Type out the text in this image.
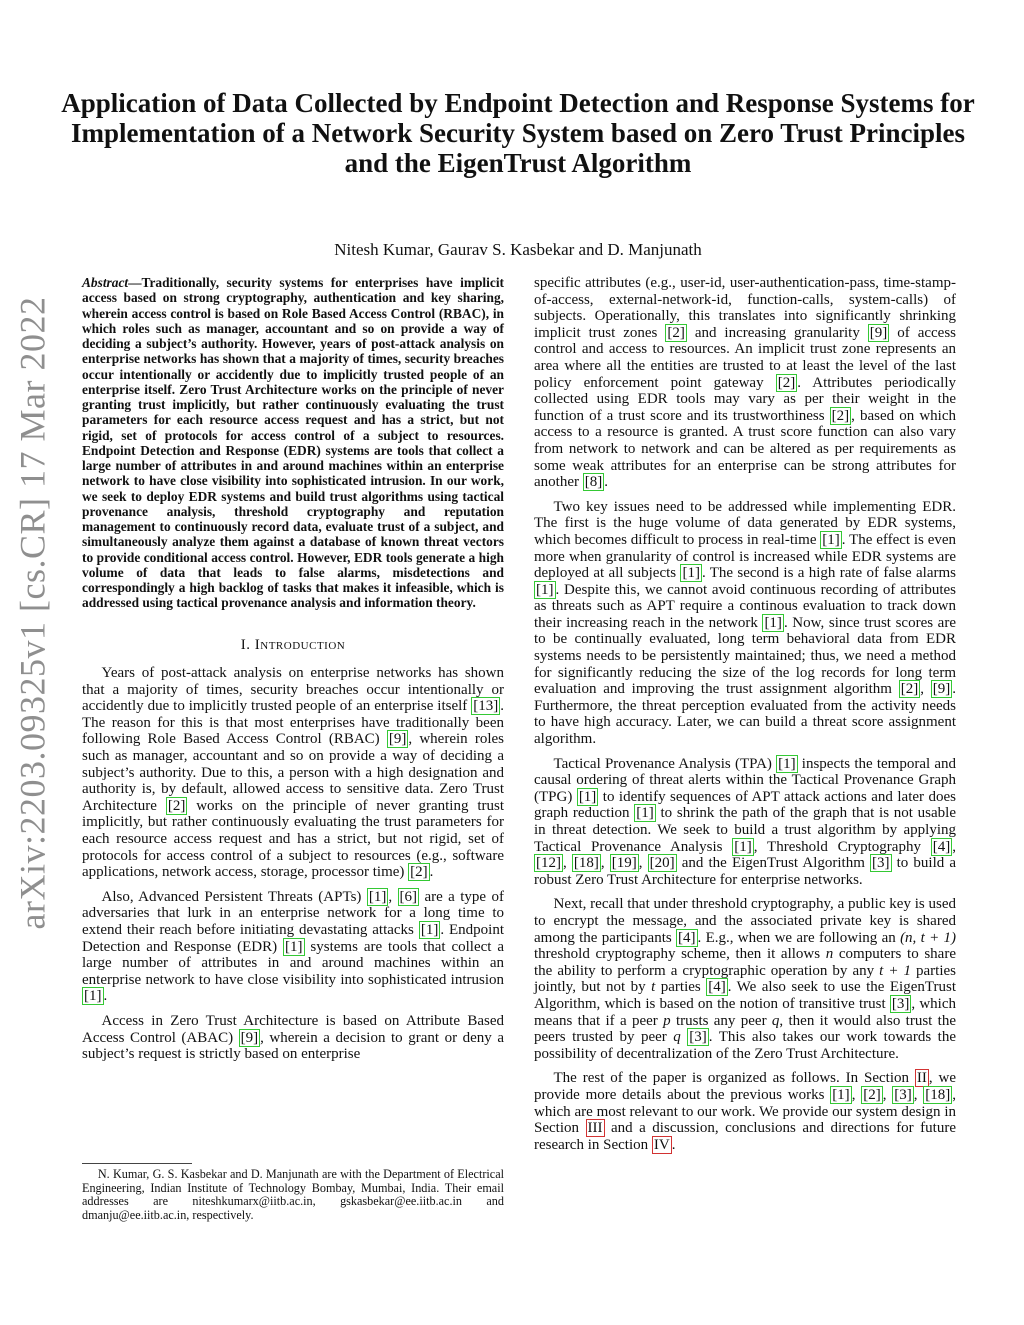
arXiv:2203.09325v1 [cs.CR] 17 Mar 2022
Application of Data Collected by Endpoint Detection and Response Systems for Implementation of a Network Security System based on Zero Trust Principles and the EigenTrust Algorithm
Nitesh Kumar, Gaurav S. Kasbekar and D. Manjunath

Abstract—Traditionally, security systems for enterprises have implicit access based on strong cryptography, authentication and key sharing, wherein access control is based on Role Based Access Control (RBAC), in which roles such as manager, accountant and so on provide a way of deciding a subject’s authority. However, years of post-attack analysis on enterprise networks has shown that a majority of times, security breaches occur intentionally or accidently due to implicitly trusted people of an enterprise itself. Zero Trust Architecture works on the principle of never granting trust implicitly, but rather continuously evaluating the trust parameters for each resource access request and has a strict, but not rigid, set of protocols for access control of a subject to resources. Endpoint Detection and Response (EDR) systems are tools that collect a large number of attributes in and around machines within an enterprise network to have close visibility into sophisticated intrusion. In our work, we seek to deploy EDR systems and build trust algorithms using tactical provenance analysis, threshold cryptography and reputation management to continuously record data, evaluate trust of a subject, and simultaneously analyze them against a database of known threat vectors to provide conditional access control. However, EDR tools generate a high volume of data that leads to false alarms, misdetections and correspondingly a high backlog of tasks that makes it infeasible, which is addressed using tactical provenance analysis and information theory.

I. Introduction

Years of post-attack analysis on enterprise networks has shown that a majority of times, security breaches occur intentionally or accidently due to implicitly trusted people of an enterprise itself [13] . The reason for this is that most enterprises have traditionally been following Role Based Access Control (RBAC) [9] , wherein roles such as manager, accountant and so on provide a way of deciding a subject’s authority. Due to this, a person with a high designation and authority is, by default, allowed access to sensitive data. Zero Trust Architecture [2] works on the principle of never granting trust implicitly, but rather continuously evaluating the trust parameters for each resource access request and has a strict, but not rigid, set of protocols for access control of a subject to resources (e.g., software applications, network access, storage, processor time) [2] .

Also, Advanced Persistent Threats (APTs) [1] , [6] are a type of adversaries that lurk in an enterprise network for a long time to extend their reach before initiating devastating attacks [1] . Endpoint Detection and Response (EDR) [1] systems are tools that collect a large number of attributes in and around machines within an enterprise network to have close visibility into sophisticated intrusion [1] .

Access in Zero Trust Architecture is based on Attribute Based Access Control (ABAC) [9] , wherein a decision to grant or deny a subject’s request is strictly based on enterprise

specific attributes (e.g., user-id, user-authentication-pass, time-stamp-of-access, external-network-id, function-calls, system-calls) of subjects. Operationally, this translates into significantly shrinking implicit trust zones [2] and increasing granularity [9] of access control and access to resources. An implicit trust zone represents an area where all the entities are trusted to at least the level of the last policy enforcement point gateway [2] . Attributes periodically collected using EDR tools may vary as per their weight in the function of a trust score and its trustworthiness [2] , based on which access to a resource is granted. A trust score function can also vary from network to network and can be altered as per requirements as some weak attributes for an enterprise can be strong attributes for another [8] .

Two key issues need to be addressed while implementing EDR. The first is the huge volume of data generated by EDR systems, which becomes difficult to process in real-time [1] . The effect is even more when granularity of control is increased while EDR systems are deployed at all subjects [1] . The second is a high rate of false alarms [1] . Despite this, we cannot avoid continuous recording of attributes as threats such as APT require a continous evaluation to track down their increasing reach in the network [1] . Now, since trust scores are to be continually evaluated, long term behavioral data from EDR systems needs to be persistently maintained; thus, we need a method for significantly reducing the size of the log records for long term evaluation and improving the trust assignment algorithm [2] , [9] . Furthermore, the threat perception evaluated from the activity needs to have high accuracy. Later, we can build a threat score assignment algorithm.

Tactical Provenance Analysis (TPA) [1] inspects the temporal and causal ordering of threat alerts within the Tactical Provenance Graph (TPG) [1] to identify sequences of APT attack actions and later does graph reduction [1] to shrink the path of the graph that is not usable in threat detection. We seek to build a trust algorithm by applying Tactical Provenance Analysis [1] , Threshold Cryptography [4] , [12] , [18] , [19] , [20] and the EigenTrust Algorithm [3] to build a robust Zero Trust Architecture for enterprise networks.

Next, recall that under threshold cryptography, a public key is used to encrypt the message, and the associated private key is shared among the participants [4] . E.g., when we are following an (n, t + 1) threshold cryptography scheme, then it allows n computers to share the ability to perform a cryptographic operation by any t + 1 parties jointly, but not by t parties [4] . We also seek to use the EigenTrust Algorithm, which is based on the notion of transitive trust [3] , which means that if a peer p trusts any peer q, then it would also trust the peers trusted by peer q [3] . This also takes our work towards the possibility of decentralization of the Zero Trust Architecture.

The rest of the paper is organized as follows. In Section II , we provide more details about the previous works [1] , [2] , [3] , [18] , which are most relevant to our work. We provide our system design in Section III and a discussion, conclusions and directions for future research in Section IV .

N. Kumar, G. S. Kasbekar and D. Manjunath are with the Department of Electrical Engineering, Indian Institute of Technology Bombay, Mumbai, India. Their email addresses are niteshkumarx@iitb.ac.in, gskasbekar@ee.iitb.ac.in and dmanju@ee.iitb.ac.in, respectively.
